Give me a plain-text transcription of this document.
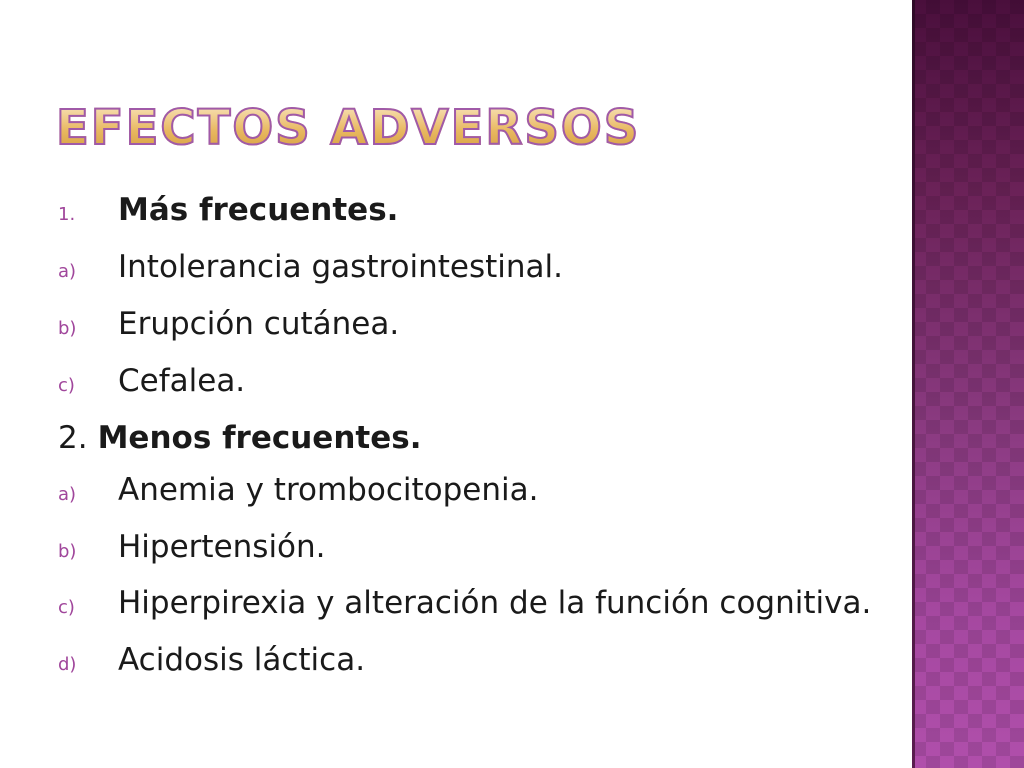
EFECTOS ADVERSOS
1.	Más frecuentes.
a)	Intolerancia gastrointestinal.
b)	Erupción cutánea.
c)	Cefalea.
2. Menos frecuentes.
a)	Anemia y trombocitopenia.
b)	Hipertensión.
c)	Hiperpirexia y alteración de la función cognitiva.
d)	Acidosis láctica.
